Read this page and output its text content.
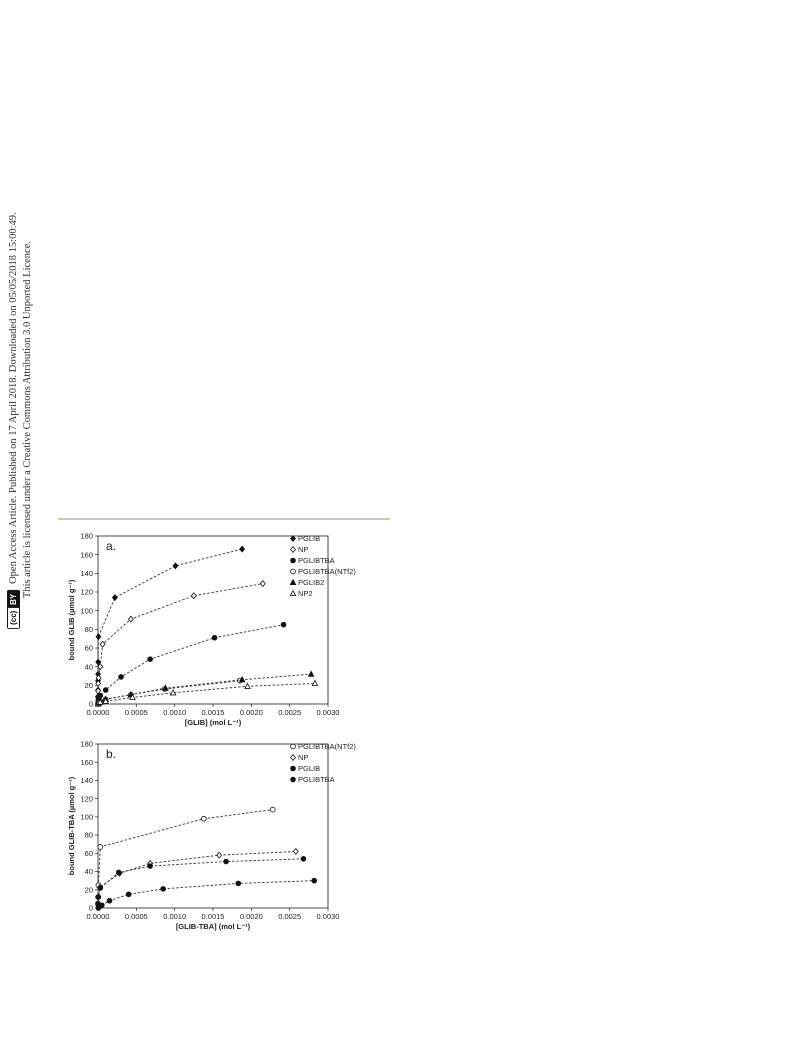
(cc)
BY
Open Access Article. Published on 17 April 2018. Downloaded on 05/05/2018 15:00:49. This article is licensed under a Creative Commons Attribution 3.0 Unported Licence.	a.
0
20
40
60
80
100
120
140
160
180
0.0000 0.0005 0.0010 0.0015 0.0020 0.0025 0.0030
[GLIB] (mol L⁻¹)
bound GLIB (µmol g⁻¹)
PGLIB
NP
PGLIBTBA
PGLIBTBA(NTf2)
PGLIB2
NP2
b.
0
20
40
60
80
100
120
140
160
180
0.0000 0.0005 0.0010 0.0015 0.0020 0.0025 0.0030
[GLIB-TBA] (mol L⁻¹)
bound GLIB-TBA (µmol g⁻¹)
PGLIBTBA(NTf2)
NP
PGLIB
PGLIBTBA
